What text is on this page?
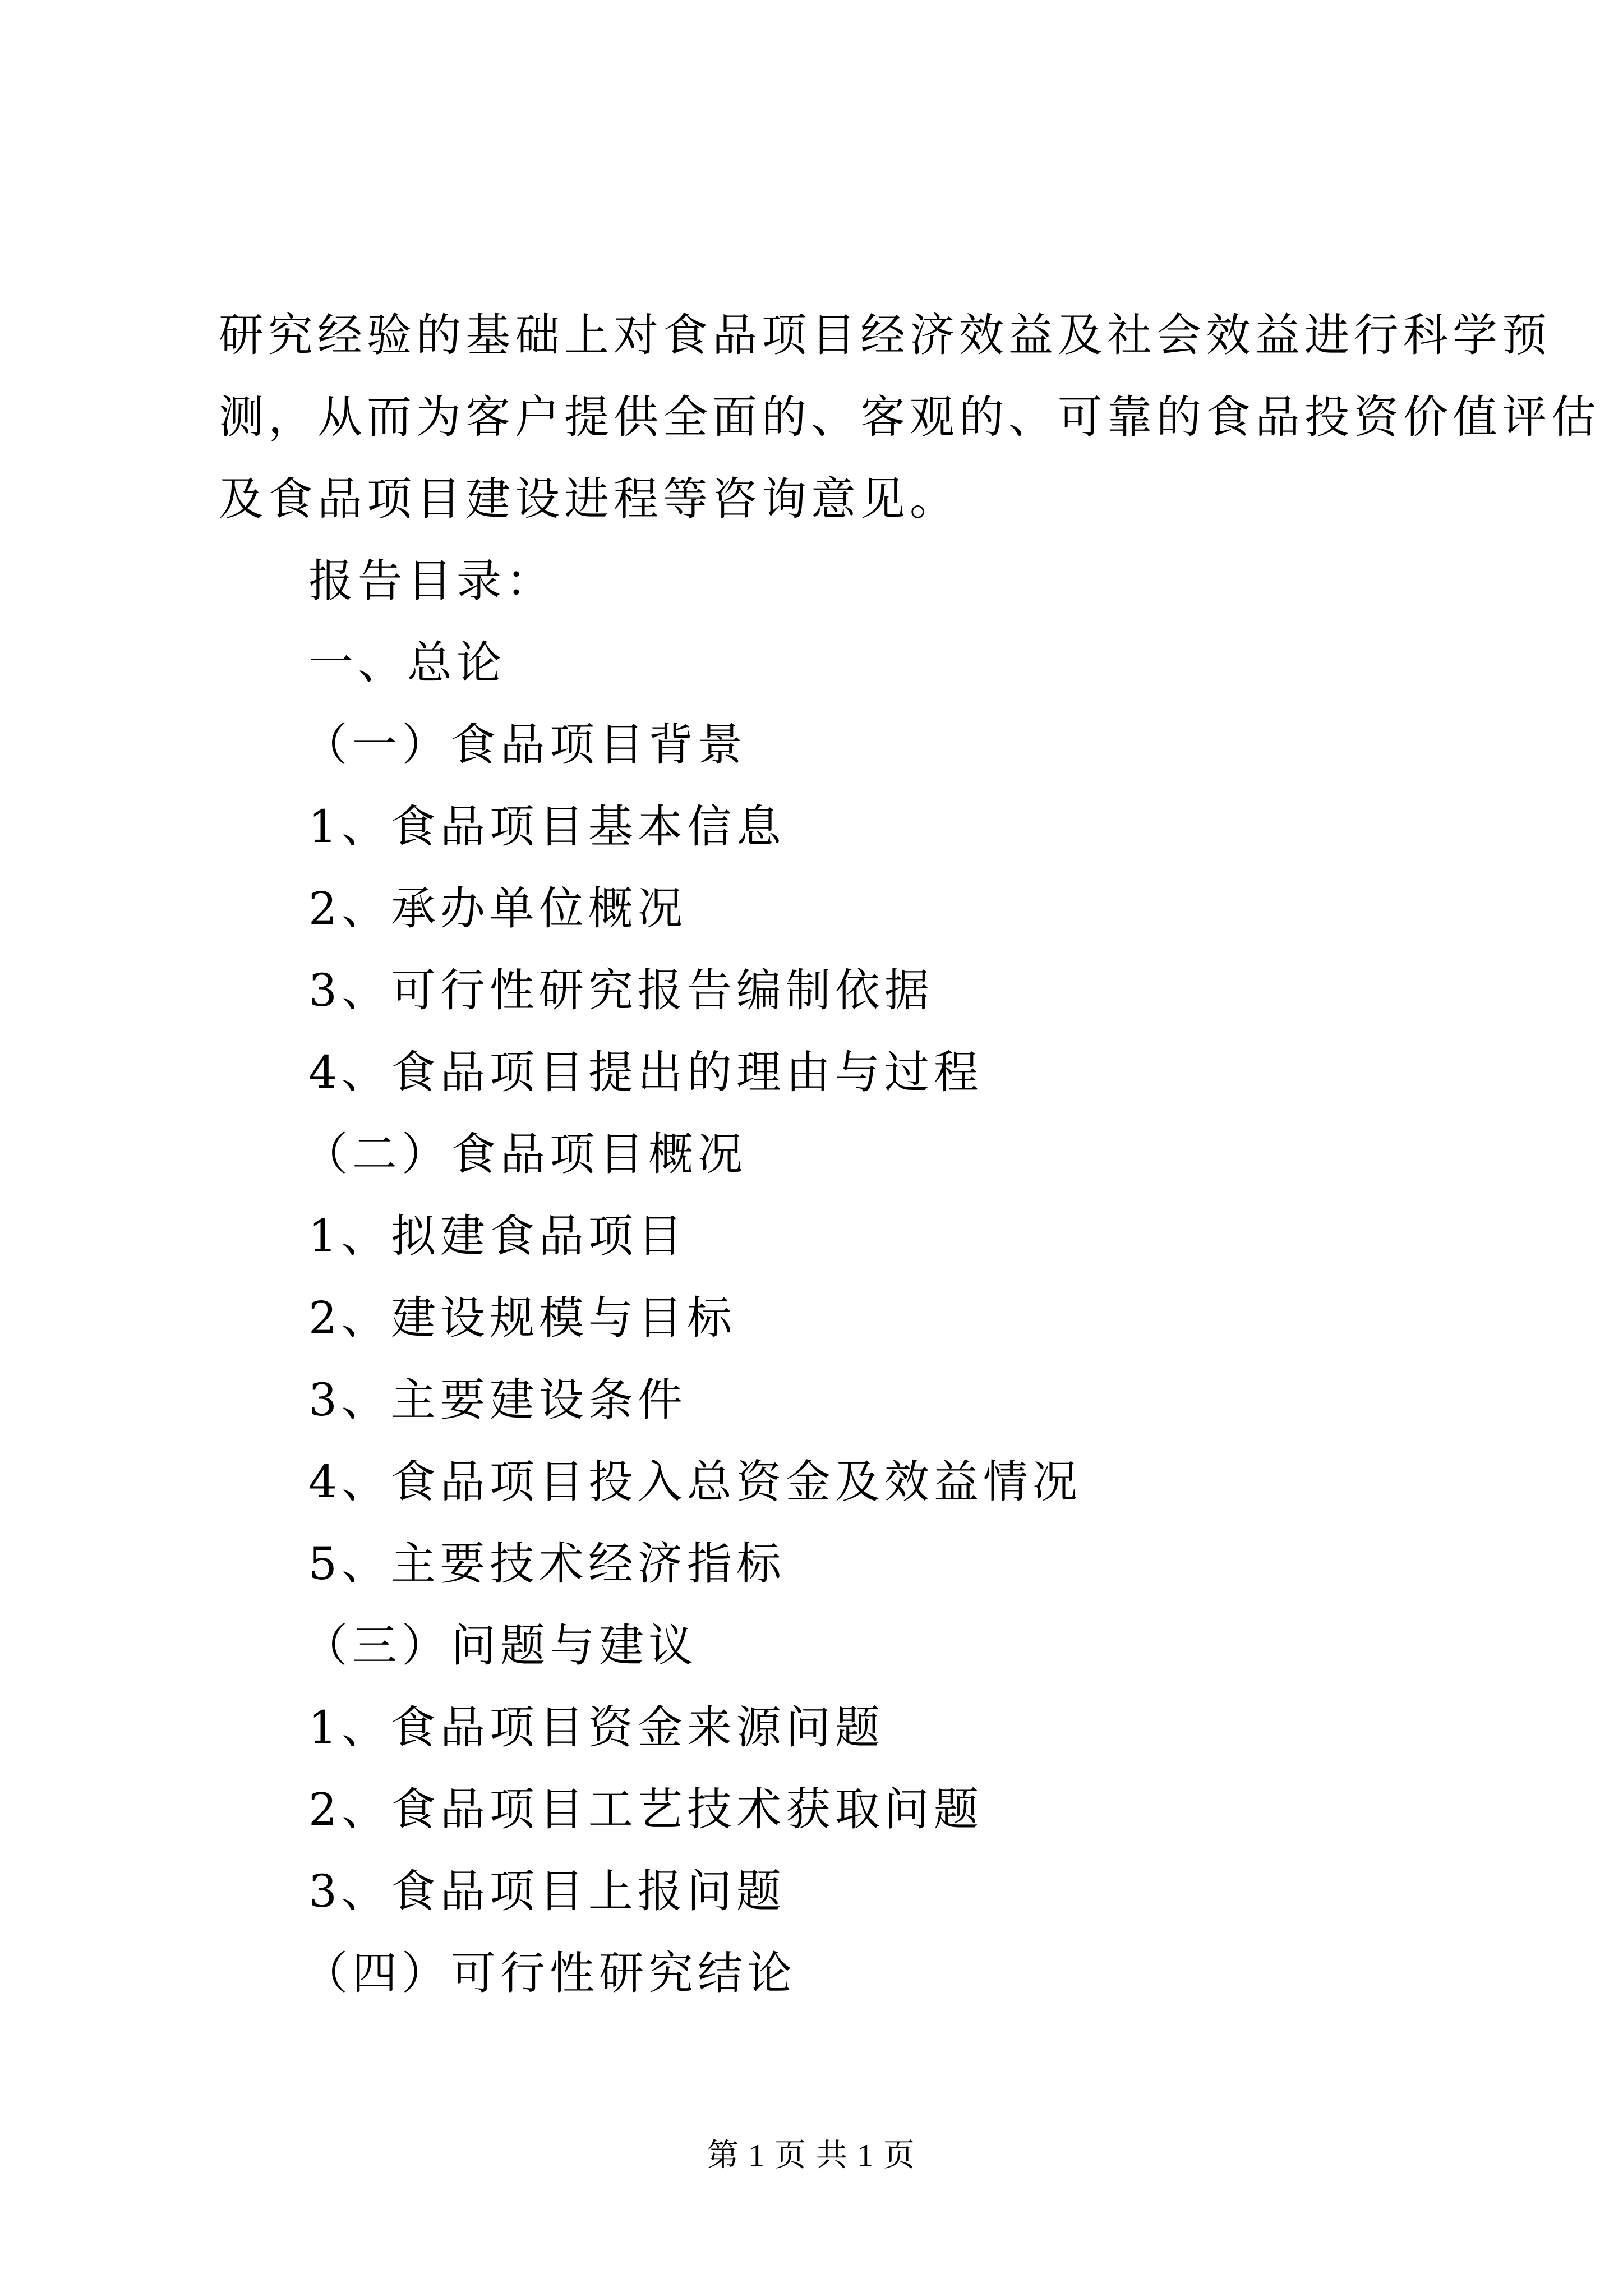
研究经验的基础上对食品项目经济效益及社会效益进行科学预

测，从而为客户提供全面的、客观的、可靠的食品投资价值评估

及食品项目建设进程等咨询意见。

报告目录：

一、总论

（一）食品项目背景

1、食品项目基本信息

2、承办单位概况

3、可行性研究报告编制依据

4、食品项目提出的理由与过程

（二）食品项目概况

1、拟建食品项目

2、建设规模与目标

3、主要建设条件

4、食品项目投入总资金及效益情况

5、主要技术经济指标

（三）问题与建议

1、食品项目资金来源问题

2、食品项目工艺技术获取问题

3、食品项目上报问题

（四）可行性研究结论

第 1 页 共 1 页
